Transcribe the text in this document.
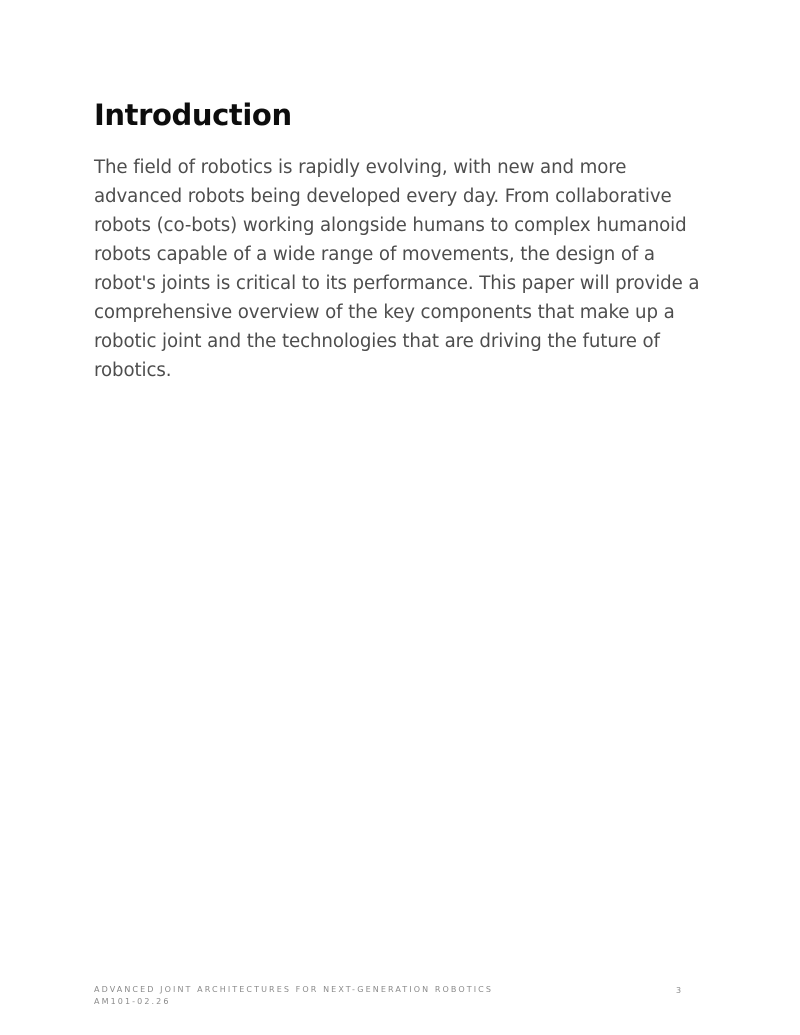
Introduction

The field of robotics is rapidly evolving, with new and more advanced robots being developed every day. From collaborative robots (co-bots) working alongside humans to complex humanoid robots capable of a wide range of movements, the design of a robot's joints is critical to its performance. This paper will provide a comprehensive overview of the key components that make up a robotic joint and the technologies that are driving the future of robotics.

ADVANCED JOINT ARCHITECTURES FOR NEXT-GENERATION ROBOTICS
AM101-02.26
3
